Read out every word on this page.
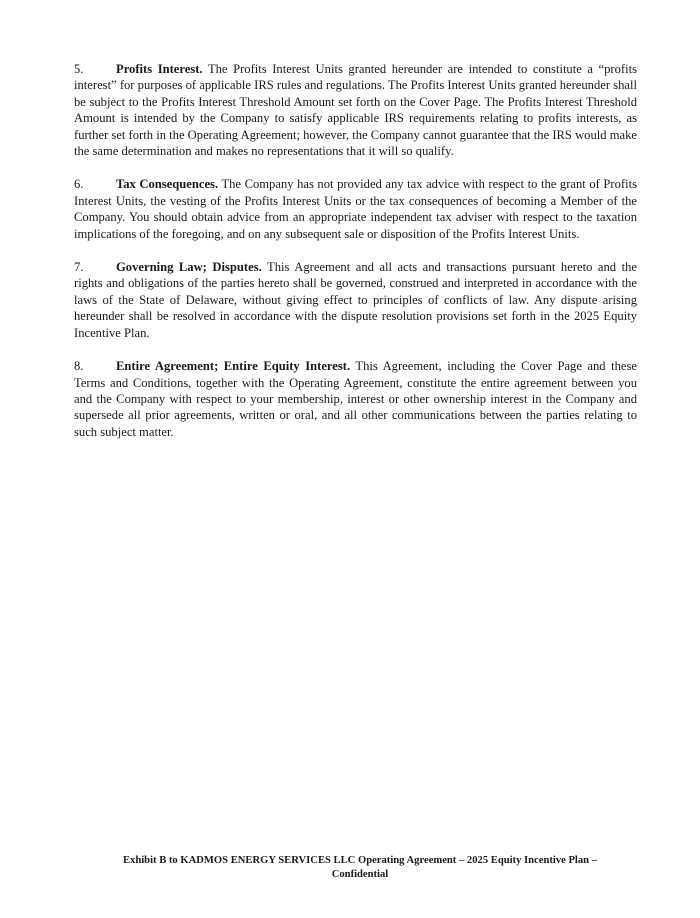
5.	Profits Interest. The Profits Interest Units granted hereunder are intended to constitute a “profits interest” for purposes of applicable IRS rules and regulations. The Profits Interest Units granted hereunder shall be subject to the Profits Interest Threshold Amount set forth on the Cover Page. The Profits Interest Threshold Amount is intended by the Company to satisfy applicable IRS requirements relating to profits interests, as further set forth in the Operating Agreement; however, the Company cannot guarantee that the IRS would make the same determination and makes no representations that it will so qualify.

6.	Tax Consequences. The Company has not provided any tax advice with respect to the grant of Profits Interest Units, the vesting of the Profits Interest Units or the tax consequences of becoming a Member of the Company. You should obtain advice from an appropriate independent tax adviser with respect to the taxation implications of the foregoing, and on any subsequent sale or disposition of the Profits Interest Units.

7.	Governing Law; Disputes. This Agreement and all acts and transactions pursuant hereto and the rights and obligations of the parties hereto shall be governed, construed and interpreted in accordance with the laws of the State of Delaware, without giving effect to principles of conflicts of law. Any dispute arising hereunder shall be resolved in accordance with the dispute resolution provisions set forth in the 2025 Equity Incentive Plan.

8.	Entire Agreement; Entire Equity Interest. This Agreement, including the Cover Page and these Terms and Conditions, together with the Operating Agreement, constitute the entire agreement between you and the Company with respect to your membership, interest or other ownership interest in the Company and supersede all prior agreements, written or oral, and all other communications between the parties relating to such subject matter.

Exhibit B to KADMOS ENERGY SERVICES LLC Operating Agreement – 2025 Equity Incentive Plan –
Confidential
